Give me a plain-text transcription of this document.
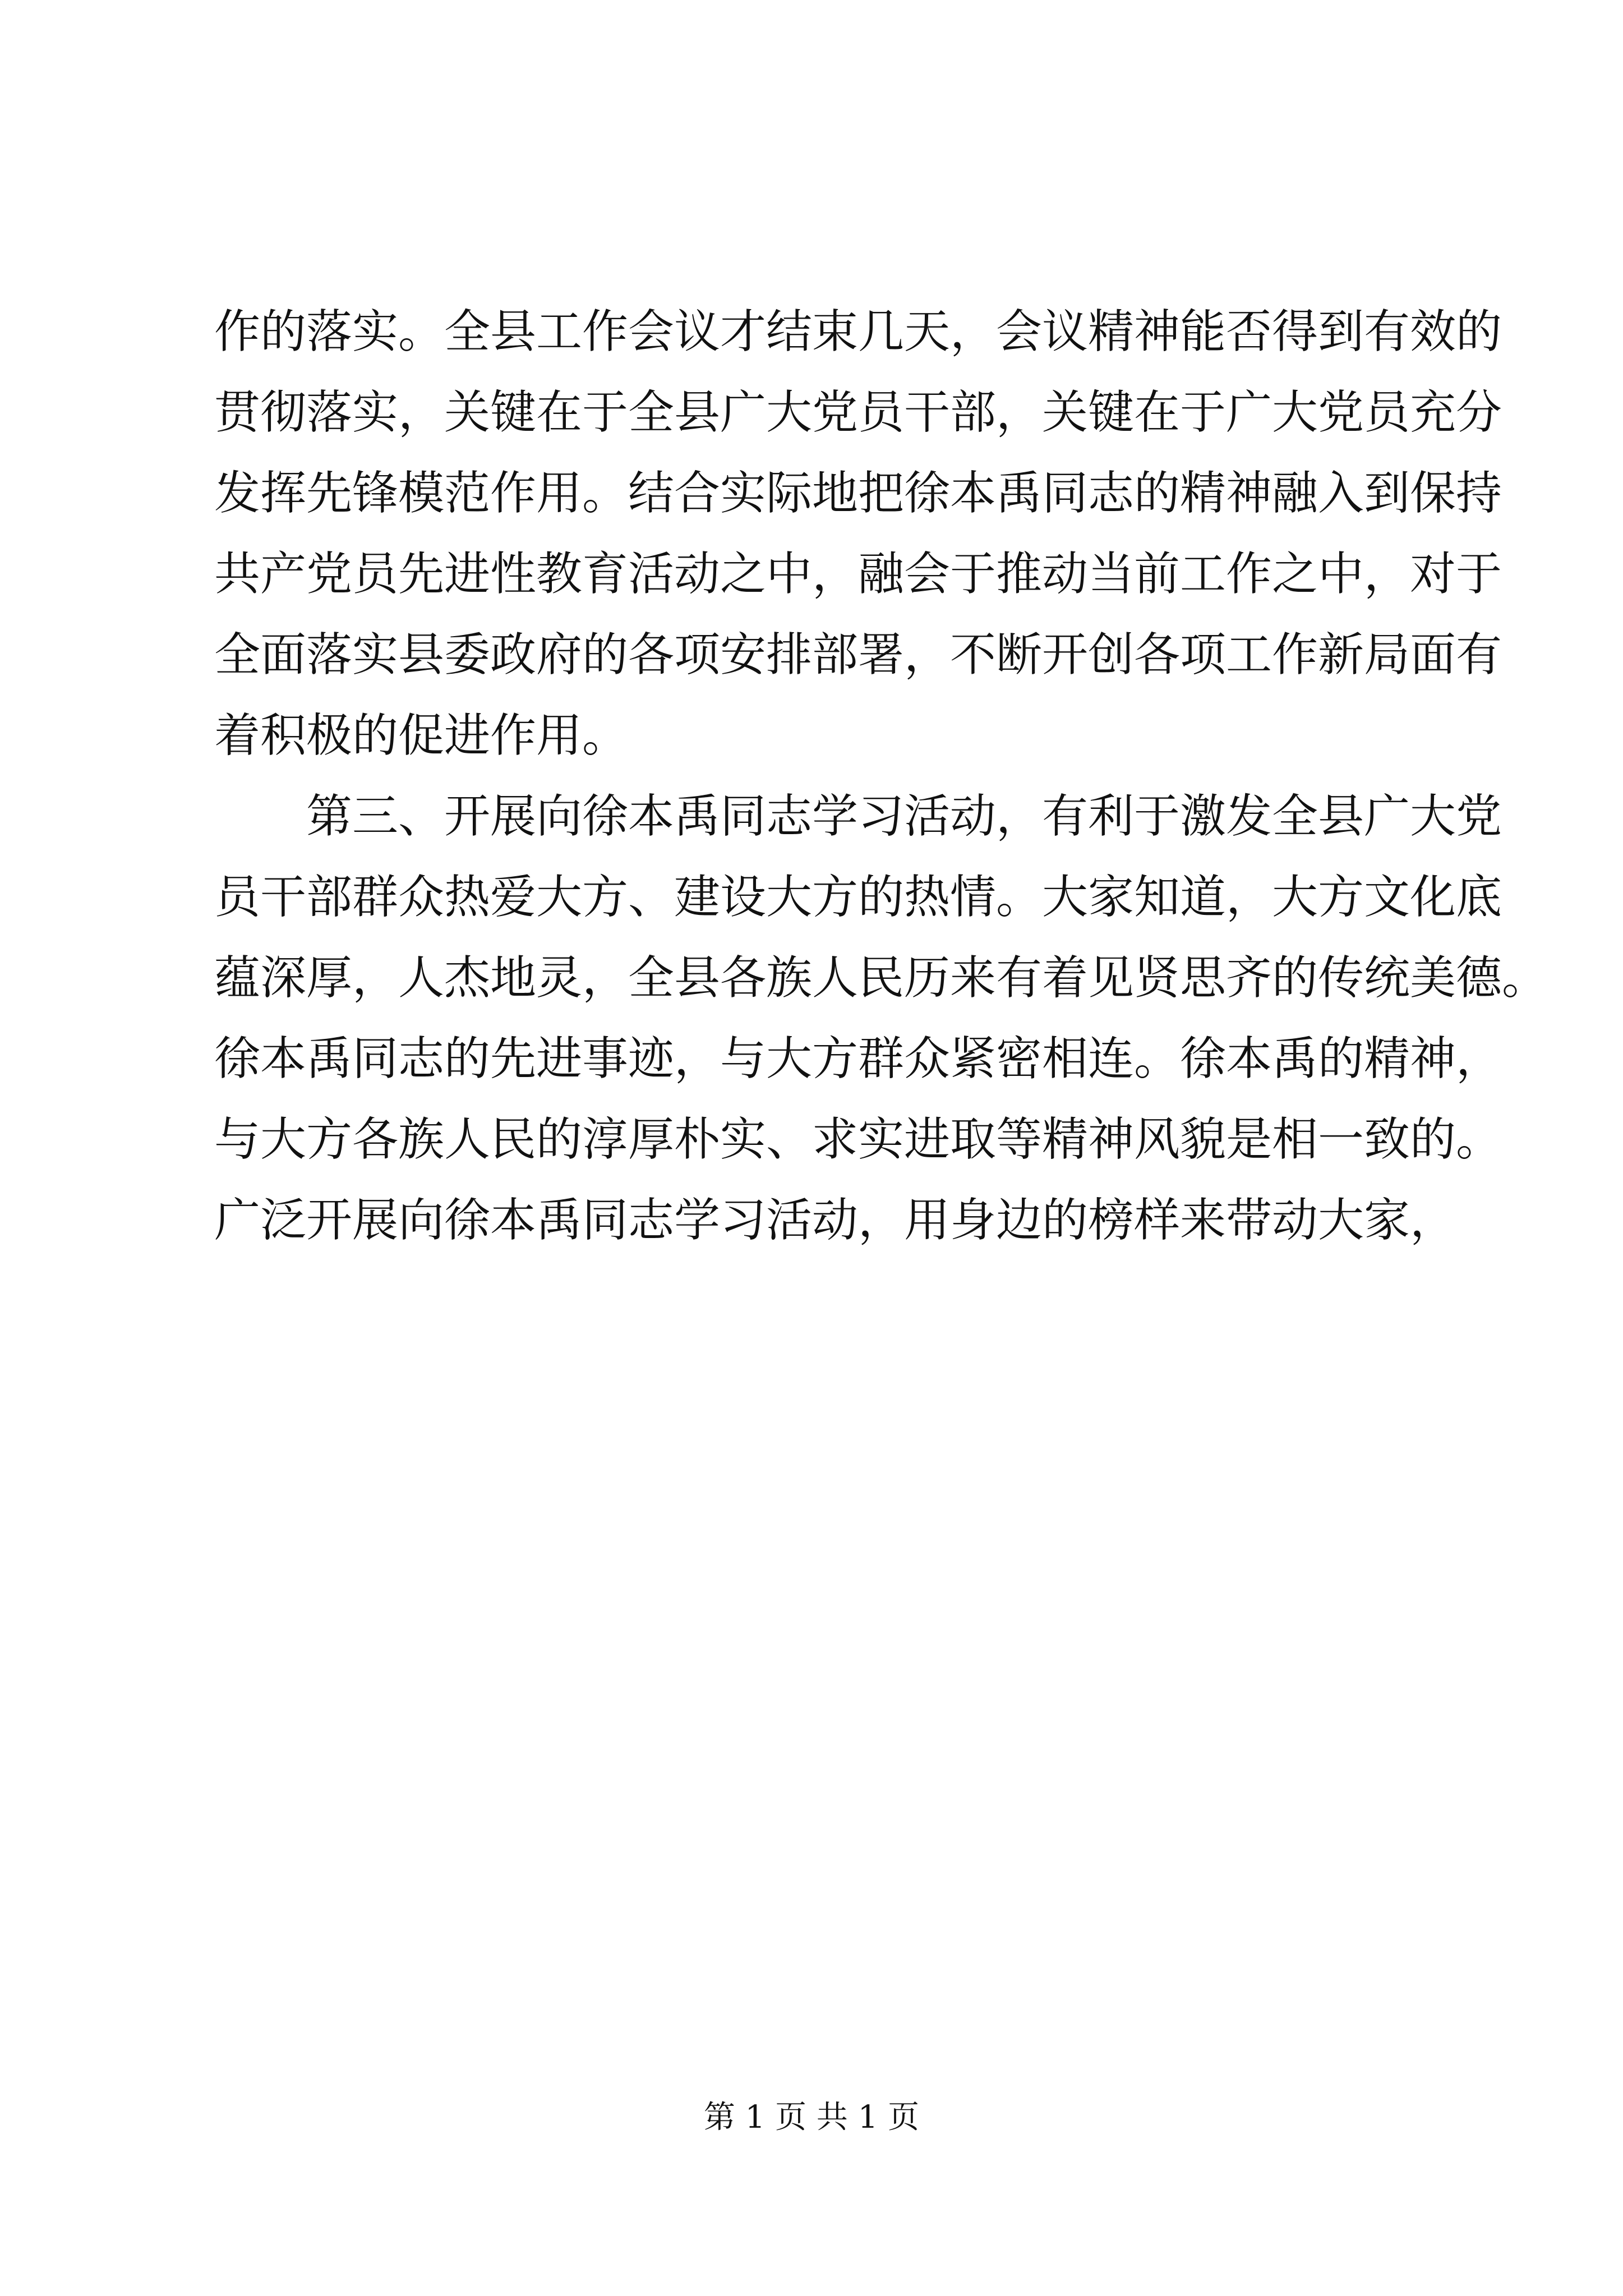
作的落实。全县工作会议才结束几天，会议精神能否得到有效的
贯彻落实，关键在于全县广大党员干部，关键在于广大党员充分
发挥先锋模范作用。结合实际地把徐本禹同志的精神融入到保持
共产党员先进性教育活动之中，融会于推动当前工作之中，对于
全面落实县委政府的各项安排部署，不断开创各项工作新局面有
着积极的促进作用。
　　第三、开展向徐本禹同志学习活动，有利于激发全县广大党
员干部群众热爱大方、建设大方的热情。大家知道，大方文化底
蕴深厚，人杰地灵，全县各族人民历来有着见贤思齐的传统美德。
徐本禹同志的先进事迹，与大方群众紧密相连。徐本禹的精神，
与大方各族人民的淳厚朴实、求实进取等精神风貌是相一致的。
广泛开展向徐本禹同志学习活动，用身边的榜样来带动大家，
第 1 页 共 1 页
